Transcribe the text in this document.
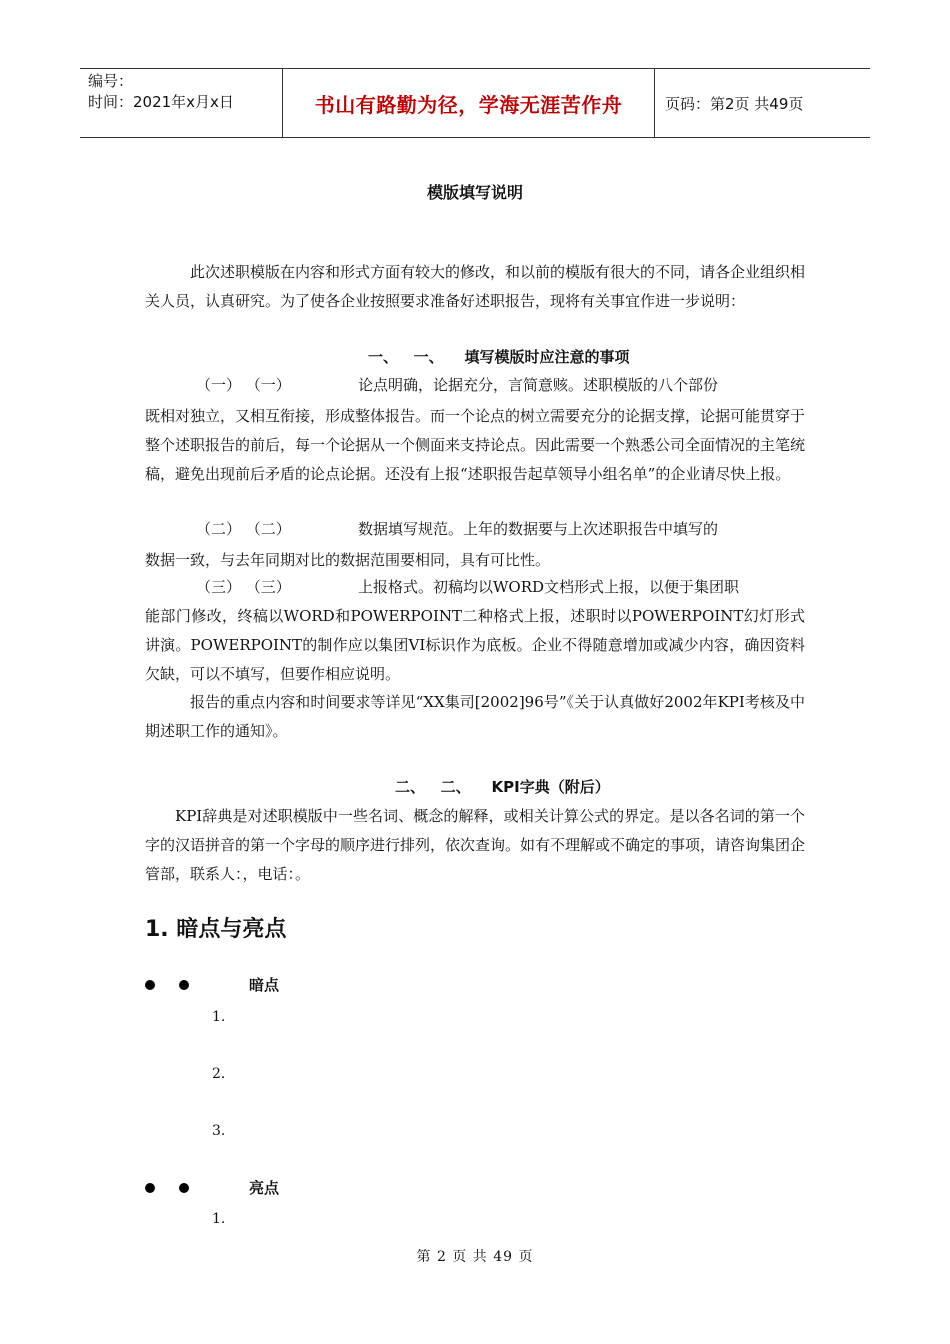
编号：
时间：2021年x月x日	书山有路勤为径，学海无涯苦作舟	页码：第2页 共49页
模版填写说明
此次述职模版在内容和形式方面有较大的修改，和以前的模版有很大的不同，请各企业组织相关人员，认真研究。为了使各企业按照要求准备好述职报告，现将有关事宜作进一步说明：
一、   一、    填写模版时应注意的事项
（一） （一）	论点明确，论据充分，言简意赅。述职模版的八个部份
既相对独立，又相互衔接，形成整体报告。而一个论点的树立需要充分的论据支撑，论据可能贯穿于整个述职报告的前后，每一个论据从一个侧面来支持论点。因此需要一个熟悉公司全面情况的主笔统稿，避免出现前后矛盾的论点论据。还没有上报“述职报告起草领导小组名单”的企业请尽快上报。
（二） （二）	数据填写规范。上年的数据要与上次述职报告中填写的
数据一致，与去年同期对比的数据范围要相同，具有可比性。
（三） （三）	上报格式。初稿均以WORD文档形式上报，以便于集团职
能部门修改，终稿以WORD和POWERPOINT二种格式上报，述职时以POWERPOINT幻灯形式讲演。POWERPOINT的制作应以集团VI标识作为底板。企业不得随意增加或减少内容，确因资料欠缺，可以不填写，但要作相应说明。
报告的重点内容和时间要求等详见“XX集司[2002]96号”《关于认真做好2002年KPI考核及中期述职工作的通知》。
二、   二、    KPI字典（附后）
KPI辞典是对述职模版中一些名词、概念的解释，或相关计算公式的界定。是以各名词的第一个字的汉语拼音的第一个字母的顺序进行排列，依次查询。如有不理解或不确定的事项，请咨询集团企管部，联系人：，电话：。
1. 暗点与亮点
暗点
1.
2.
3.
亮点
1.
第 2 页 共 49 页
